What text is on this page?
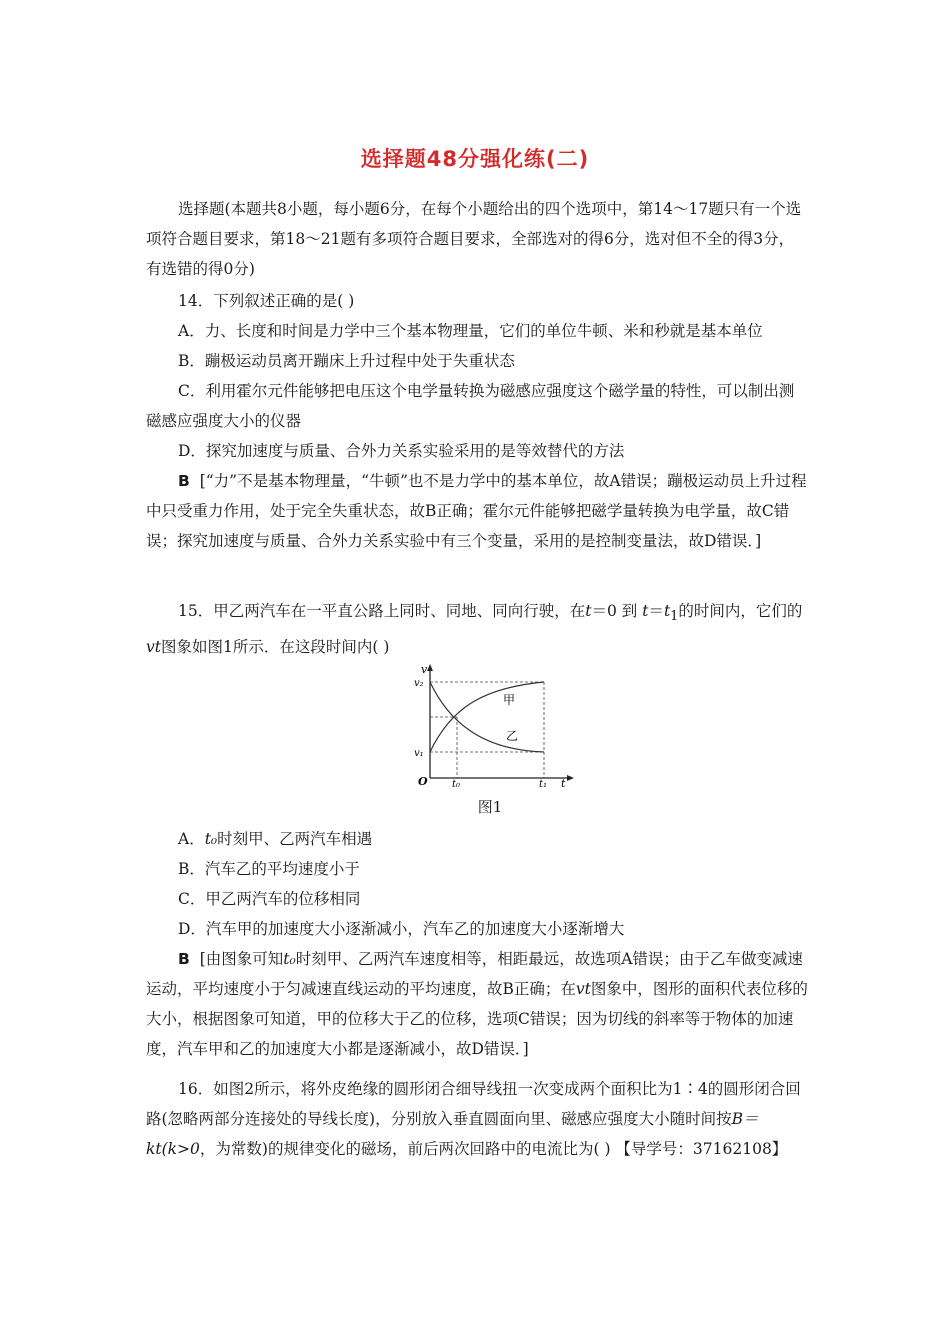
选择题48分强化练(二)

选择题(本题共8小题，每小题6分，在每个小题给出的四个选项中，第14～17题只有一个选项符合题目要求，第18～21题有多项符合题目要求，全部选对的得6分，选对但不全的得3分，有选错的得0分)

14．下列叙述正确的是( )

A．力、长度和时间是力学中三个基本物理量，它们的单位牛顿、米和秒就是基本单位

B．蹦极运动员离开蹦床上升过程中处于失重状态

C．利用霍尔元件能够把电压这个电学量转换为磁感应强度这个磁学量的特性，可以制出测磁感应强度大小的仪器

D．探究加速度与质量、合外力关系实验采用的是等效替代的方法

B [“力”不是基本物理量，“牛顿”也不是力学中的基本单位，故A错误；蹦极运动员上升过程中只受重力作用，处于完全失重状态，故B正确；霍尔元件能够把磁学量转换为电学量，故C错误；探究加速度与质量、合外力关系实验中有三个变量，采用的是控制变量法，故D错误．]

15．甲乙两汽车在一平直公路上同时、同地、同向行驶，在t＝0 到 $t=t_1$的时间内，它们的vt图象如图1所示．在这段时间内( )

v
v₂
v₁
O t₀	t₁ t
甲
乙
图1

A．t₀时刻甲、乙两汽车相遇

B．汽车乙的平均速度小于

C．甲乙两汽车的位移相同

D．汽车甲的加速度大小逐渐减小，汽车乙的加速度大小逐渐增大

B [由图象可知t₀时刻甲、乙两汽车速度相等，相距最远，故选项A错误；由于乙车做变减速运动，平均速度小于匀减速直线运动的平均速度，故B正确；在vt图象中，图形的面积代表位移的大小，根据图象可知道，甲的位移大于乙的位移，选项C错误；因为切线的斜率等于物体的加速度，汽车甲和乙的加速度大小都是逐渐减小，故D错误．]

16．如图2所示，将外皮绝缘的圆形闭合细导线扭一次变成两个面积比为1∶4的圆形闭合回路(忽略两部分连接处的导线长度)，分别放入垂直圆面向里、磁感应强度大小随时间按B＝kt(k>0，为常数)的规律变化的磁场，前后两次回路中的电流比为( ) 【导学号：37162108】
